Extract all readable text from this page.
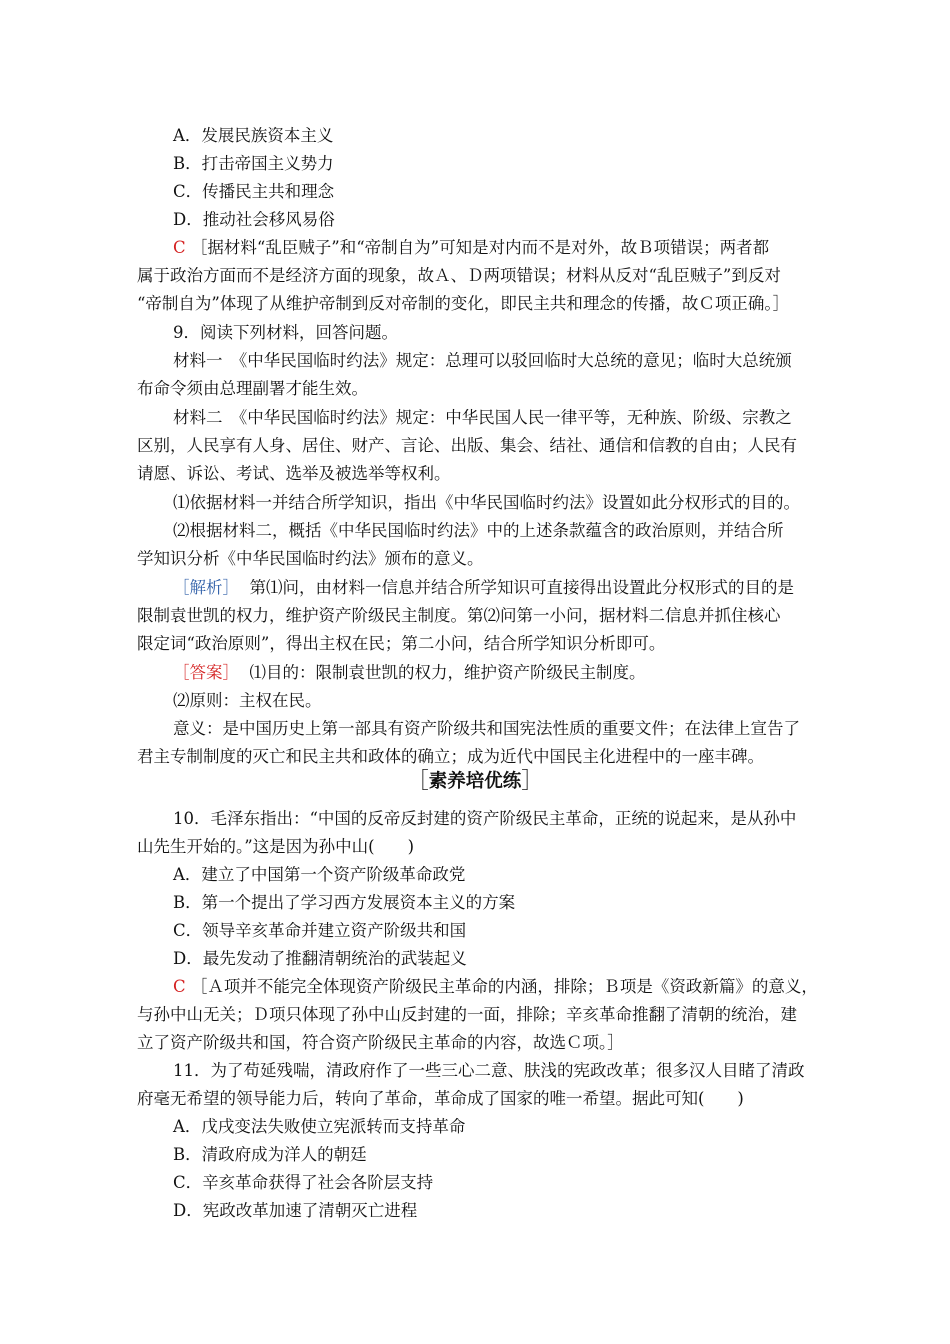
A．发展民族资本主义
B．打击帝国主义势力
C．传播民主共和理念
D．推动社会移风易俗
C ［据材料“乱臣贼子”和“帝制自为”可知是对内而不是对外，故Ｂ项错误；两者都
属于政治方面而不是经济方面的现象，故Ａ、Ｄ两项错误；材料从反对“乱臣贼子”到反对
“帝制自为”体现了从维护帝制到反对帝制的变化，即民主共和理念的传播，故Ｃ项正确。］
9．阅读下列材料，回答问题。
材料一　《中华民国临时约法》规定：总理可以驳回临时大总统的意见；临时大总统颁
布命令须由总理副署才能生效。
材料二　《中华民国临时约法》规定：中华民国人民一律平等，无种族、阶级、宗教之
区别，人民享有人身、居住、财产、言论、出版、集会、结社、通信和信教的自由；人民有
请愿、诉讼、考试、选举及被选举等权利。
⑴依据材料一并结合所学知识，指出《中华民国临时约法》设置如此分权形式的目的。
⑵根据材料二，概括《中华民国临时约法》中的上述条款蕴含的政治原则，并结合所
学知识分析《中华民国临时约法》颁布的意义。
［解析］ 第⑴问，由材料一信息并结合所学知识可直接得出设置此分权形式的目的是
限制袁世凯的权力，维护资产阶级民主制度。第⑵问第一小问，据材料二信息并抓住核心
限定词“政治原则”，得出主权在民；第二小问，结合所学知识分析即可。
［答案］ ⑴目的：限制袁世凯的权力，维护资产阶级民主制度。
⑵原则：主权在民。
意义：是中国历史上第一部具有资产阶级共和国宪法性质的重要文件；在法律上宣告了
君主专制制度的灭亡和民主共和政体的确立；成为近代中国民主化进程中的一座丰碑。
［素养培优练］
10．毛泽东指出：“中国的反帝反封建的资产阶级民主革命，正统的说起来，是从孙中
山先生开始的。”这是因为孙中山(　　)
A．建立了中国第一个资产阶级革命政党
B．第一个提出了学习西方发展资本主义的方案
C．领导辛亥革命并建立资产阶级共和国
D．最先发动了推翻清朝统治的武装起义
C ［Ａ项并不能完全体现资产阶级民主革命的内涵，排除；Ｂ项是《资政新篇》的意义，
与孙中山无关；Ｄ项只体现了孙中山反封建的一面，排除；辛亥革命推翻了清朝的统治，建
立了资产阶级共和国，符合资产阶级民主革命的内容，故选Ｃ项。］
11．为了苟延残喘，清政府作了一些三心二意、肤浅的宪政改革；很多汉人目睹了清政
府毫无希望的领导能力后，转向了革命，革命成了国家的唯一希望。据此可知(　　)
A．戊戌变法失败使立宪派转而支持革命
B．清政府成为洋人的朝廷
C．辛亥革命获得了社会各阶层支持
D．宪政改革加速了清朝灭亡进程
